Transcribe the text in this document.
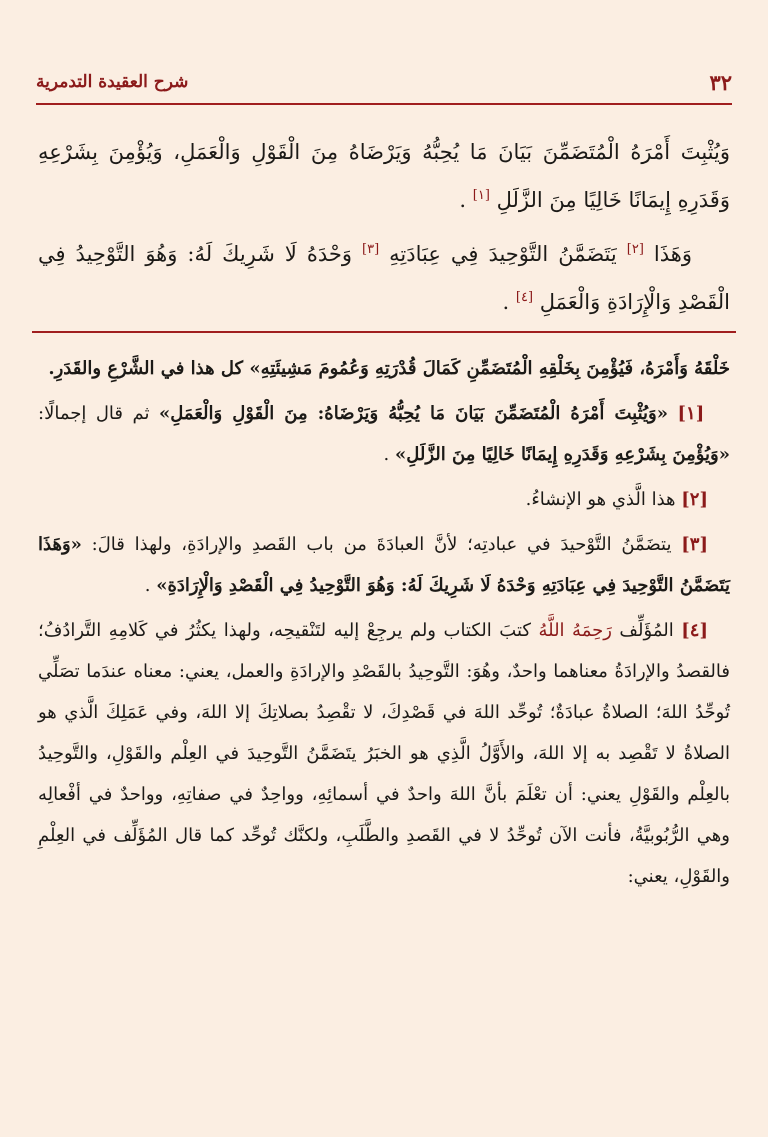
٣٢
شرح العقيدة التدمرية

وَيُثْبِتَ أَمْرَهُ الْمُتَضَمِّنَ بَيَانَ مَا يُحِبُّهُ وَيَرْضَاهُ مِنَ الْقَوْلِ وَالْعَمَلِ، وَيُؤْمِنَ بِشَرْعِهِ وَقَدَرِهِ إِيمَانًا خَالِيًا مِنَ الزَّلَلِ [١] .

وَهَذَا [٢] يَتَضَمَّنُ التَّوْحِيدَ فِي عِبَادَتِهِ [٣] وَحْدَهُ لَا شَرِيكَ لَهُ: وَهُوَ التَّوْحِيدُ فِي الْقَصْدِ وَالْإِرَادَةِ وَالْعَمَلِ [٤] .

خَلْقَهُ وَأَمْرَهُ، فَيُؤْمِنَ بِخَلْقِهِ الْمُتَضَمِّنِ كَمَالَ قُدْرَتِهِ وَعُمُومَ مَشِيئَتِهِ» كل هذا في الشَّرْعِ والقَدَرِ.

[١] «وَيُثْبِتَ أَمْرَهُ الْمُتَضَمِّنَ بَيَانَ مَا يُحِبُّهُ وَيَرْضَاهُ: مِنَ الْقَوْلِ وَالْعَمَلِ» ثم قال إجمالًا: «وَيُؤْمِنَ بِشَرْعِهِ وَقَدَرِهِ إِيمَانًا خَالِيًا مِنَ الزَّلَلِ» .

[٢] هذا الَّذي هو الإنشاءُ.

[٣] يتضَمَّنُ التَّوْحيدَ في عبادتِه؛ لأنَّ العبادَةَ من باب القَصدِ والإرادَةِ، ولهذا قالَ: «وَهَذَا يَتَضَمَّنُ التَّوْحِيدَ فِي عِبَادَتِهِ وَحْدَهُ لَا شَرِيكَ لَهُ: وَهُوَ التَّوْحِيدُ فِي الْقَصْدِ وَالْإِرَادَةِ» .

[٤] المُؤَلِّف رَحِمَهُ اللَّهُ كتبَ الكتاب ولم يرجِعْ إليه لتَنْقيحِه، ولهذا يكثُرُ في كَلامِهِ التَّرادُفُ؛ فالقصدُ والإرادَةُ معناهما واحدٌ، وهُوَ: التَّوحِيدُ بالقَصْدِ والإرادَةِ والعمل، يعني: معناه عندَما تصَلِّي تُوحِّدُ اللهَ؛ الصلاةُ عبادَةٌ؛ تُوحِّد اللهَ في قَصْدِكَ، لا تقْصِدُ بصلاتِكَ إلا اللهَ، وفي عَمَلِكَ الَّذي هو الصلاةُ لا تَقْصِد به إلا اللهَ، والأَوَّلُ الَّذِي هو الخبَرُ يتَضَمَّنُ التَّوحِيدَ في العِلْم والقَوْلِ، والتَّوحِيدُ بالعِلْم والقَوْلِ يعني: أن تعْلَمَ بأنَّ اللهَ واحدٌ في أسمائِهِ، وواحِدٌ في صفاتِهِ، وواحدٌ في أفْعالِه وهي الرُّبُوبيَّةُ، فأنت الآن تُوحِّدُ لا في القَصدِ والطَّلَبِ، ولكنَّك تُوحِّد كما قال المُؤَلِّف في العِلْمِ والقَوْلِ، يعني:
